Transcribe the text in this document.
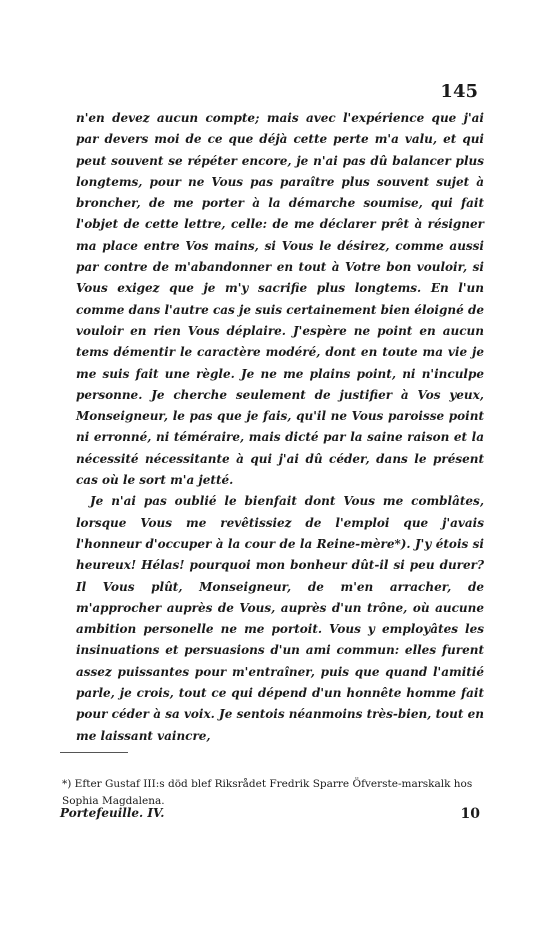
145

n'en devez aucun compte; mais avec l'expérience que j'ai par devers moi de ce que déjà cette perte m'a valu, et qui peut souvent se répéter encore, je n'ai pas dû balancer plus longtems, pour ne Vous pas paraître plus souvent sujet à broncher, de me porter à la démarche soumise, qui fait l'objet de cette lettre, celle: de me déclarer prêt à résigner ma place entre Vos mains, si Vous le désirez, comme aussi par contre de m'abandonner en tout à Votre bon vouloir, si Vous exigez que je m'y sacrifie plus longtems. En l'un comme dans l'autre cas je suis certainement bien éloigné de vouloir en rien Vous déplaire. J'espère ne point en aucun tems démentir le caractère modéré, dont en toute ma vie je me suis fait une règle. Je ne me plains point, ni n'inculpe personne. Je cherche seulement de justifier à Vos yeux, Monseigneur, le pas que je fais, qu'il ne Vous paroisse point ni erronné, ni téméraire, mais dicté par la saine raison et la nécessité nécessitante à qui j'ai dû céder, dans le présent cas où le sort m'a jetté.

Je n'ai pas oublié le bienfait dont Vous me comblâtes, lorsque Vous me revêtissiez de l'emploi que j'avais l'honneur d'occuper à la cour de la Reine-mère*). J'y étois si heureux! Hélas! pourquoi mon bonheur dût-il si peu durer? Il Vous plût, Monseigneur, de m'en arracher, de m'approcher auprès de Vous, auprès d'un trône, où aucune ambition personelle ne me portoit. Vous y employâtes les insinuations et persuasions d'un ami commun: elles furent assez puissantes pour m'entraîner, puis que quand l'amitié parle, je crois, tout ce qui dépend d'un honnête homme fait pour céder à sa voix. Je sentois néanmoins très-bien, tout en me laissant vaincre,

*) Efter Gustaf III:s död blef Riksrådet Fredrik Sparre Öfverste-marskalk hos Sophia Magdalena.

Portefeuille. IV.	10
